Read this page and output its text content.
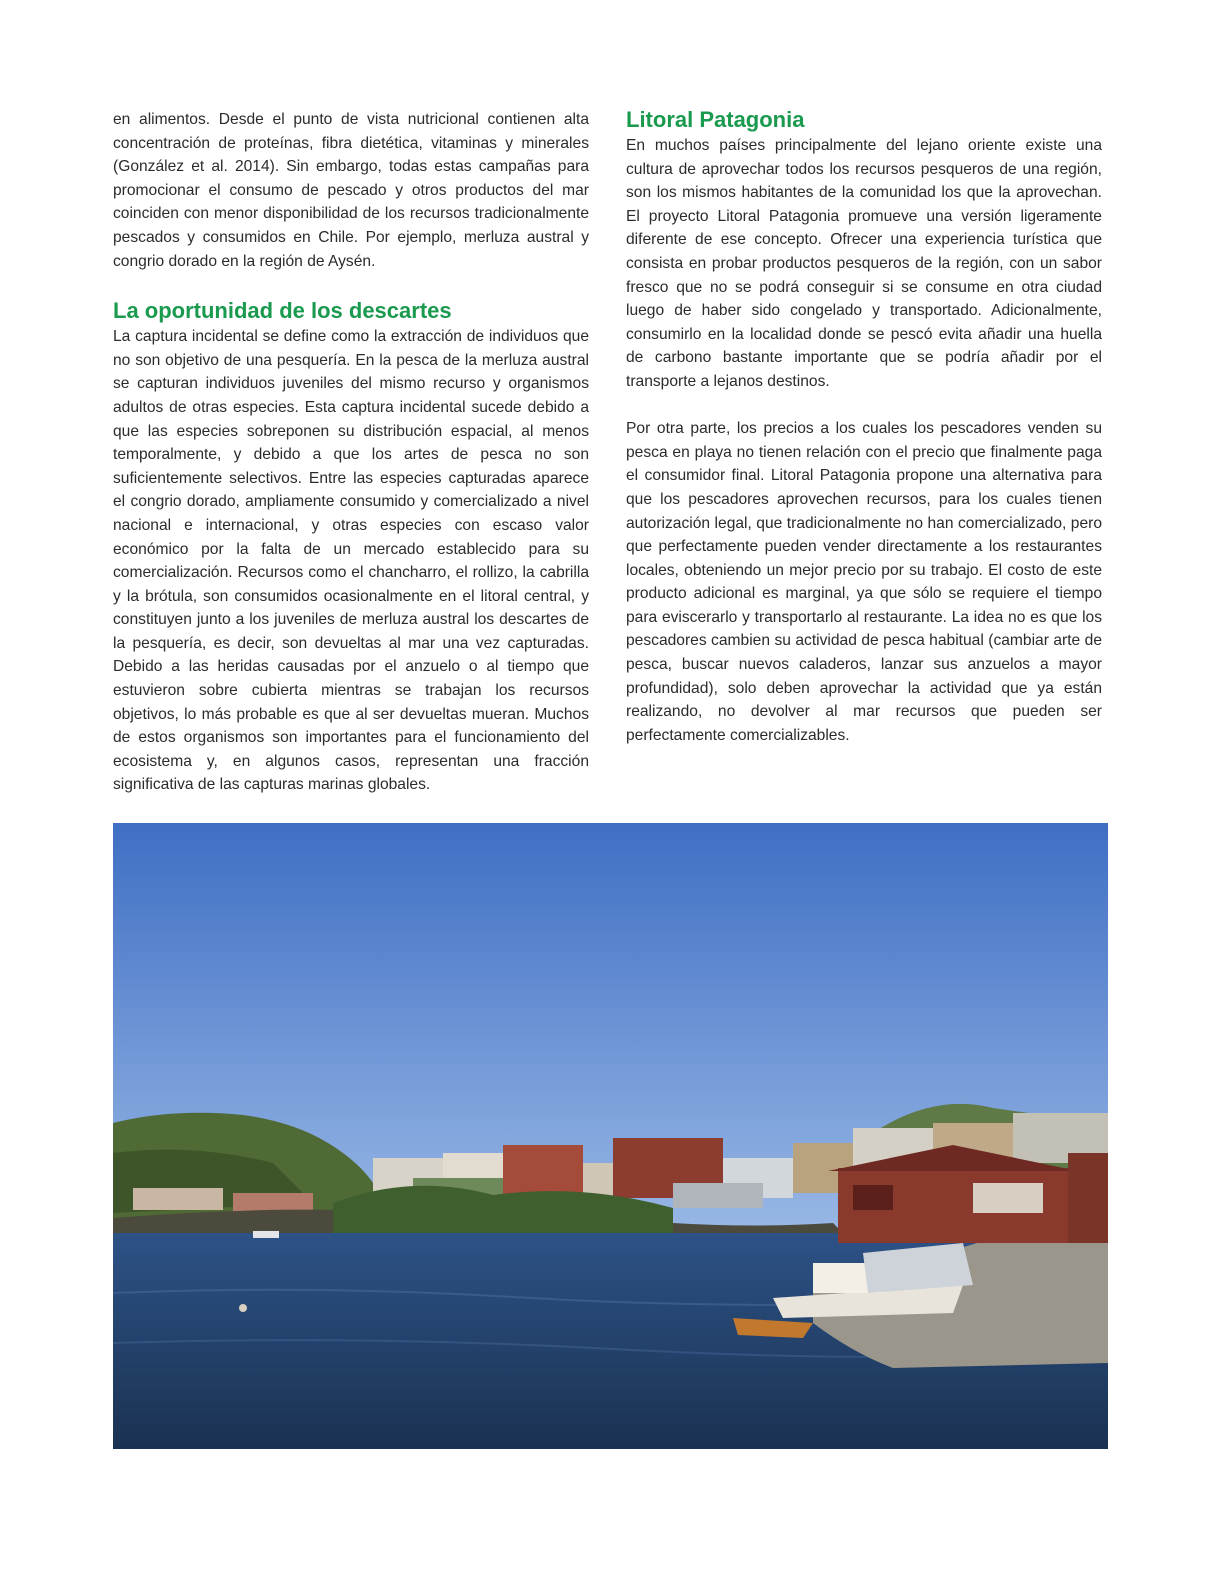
en alimentos. Desde el punto de vista nutricional contienen alta concentración de proteínas, fibra dietética, vitaminas y minerales (González et al. 2014). Sin embargo, todas estas campañas para promocionar el consumo de pescado y otros productos del mar coinciden con menor disponibilidad de los recursos tradicionalmente pescados y consumidos en Chile. Por ejemplo, merluza austral y congrio dorado en la región de Aysén.

La oportunidad de los descartes

La captura incidental se define como la extracción de individuos que no son objetivo de una pesquería. En la pesca de la merluza austral se capturan individuos juveniles del mismo recurso y organismos adultos de otras especies. Esta captura incidental sucede debido a que las especies sobreponen su distribución espacial, al menos temporalmente, y debido a que los artes de pesca no son suficientemente selectivos. Entre las especies capturadas aparece el congrio dorado, ampliamente consumido y comercializado a nivel nacional e internacional, y otras especies con escaso valor económico por la falta de un mercado establecido para su comercialización. Recursos como el chancharro, el rollizo, la cabrilla y la brótula, son consumidos ocasionalmente en el litoral central, y constituyen junto a los juveniles de merluza austral los descartes de la pesquería, es decir, son devueltas al mar una vez capturadas. Debido a las heridas causadas por el anzuelo o al tiempo que estuvieron sobre cubierta mientras se trabajan los recursos objetivos, lo más probable es que al ser devueltas mueran. Muchos de estos organismos son importantes para el funcionamiento del ecosistema y, en algunos casos, representan una fracción significativa de las capturas marinas globales.

Litoral Patagonia

En muchos países principalmente del lejano oriente existe una cultura de aprovechar todos los recursos pesqueros de una región, son los mismos habitantes de la comunidad los que la aprovechan. El proyecto Litoral Patagonia promueve una versión ligeramente diferente de ese concepto. Ofrecer una experiencia turística que consista en probar productos pesqueros de la región, con un sabor fresco que no se podrá conseguir si se consume en otra ciudad luego de haber sido congelado y transportado. Adicionalmente, consumirlo en la localidad donde se pescó evita añadir una huella de carbono bastante importante que se podría añadir por el transporte a lejanos destinos.

Por otra parte, los precios a los cuales los pescadores venden su pesca en playa no tienen relación con el precio que finalmente paga el consumidor final. Litoral Patagonia propone una alternativa para que los pescadores aprovechen recursos, para los cuales tienen autorización legal, que tradicionalmente no han comercializado, pero que perfectamente pueden vender directamente a los restaurantes locales, obteniendo un mejor precio por su trabajo. El costo de este producto adicional es marginal, ya que sólo se requiere el tiempo para eviscerarlo y transportarlo al restaurante. La idea no es que los pescadores cambien su actividad de pesca habitual (cambiar arte de pesca, buscar nuevos caladeros, lanzar sus anzuelos a mayor profundidad), solo deben aprovechar la actividad que ya están realizando, no devolver al mar recursos que pueden ser perfectamente comercializables.
